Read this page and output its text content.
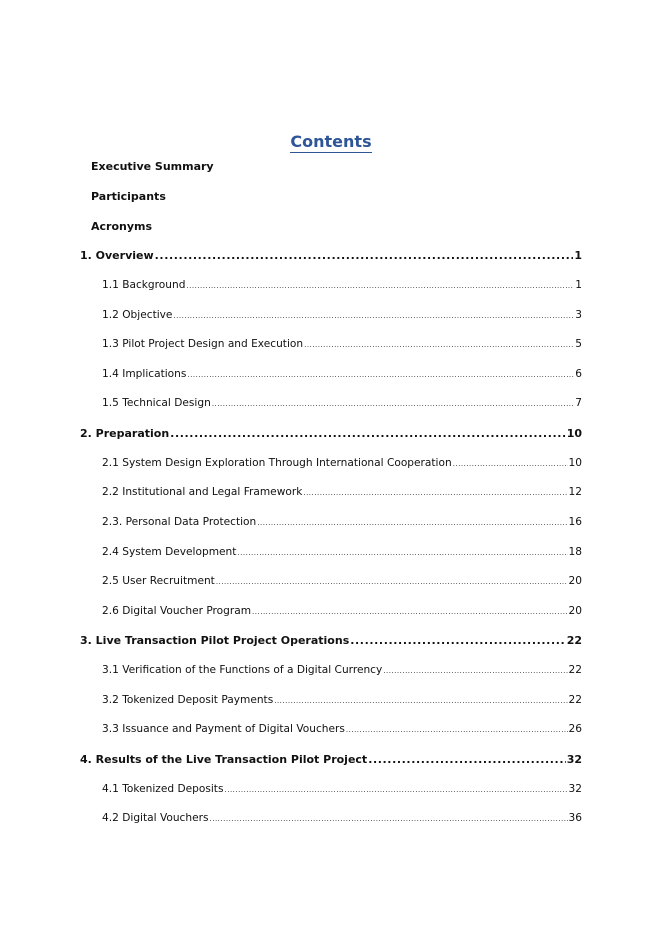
Contents
Executive Summary
Participants
Acronyms
1. Overview .....	1
1.1 Background .....	1
1.2 Objective .....	3
1.3 Pilot Project Design and Execution .....	5
1.4 Implications .....	6
1.5 Technical Design .....	7
2. Preparation .....	10
2.1 System Design Exploration Through International Cooperation .....	10
2.2 Institutional and Legal Framework .....	12
2.3. Personal Data Protection .....	16
2.4 System Development .....	18
2.5 User Recruitment .....	20
2.6 Digital Voucher Program .....	20
3. Live Transaction Pilot Project Operations .....	22
3.1 Verification of the Functions of a Digital Currency .....	22
3.2 Tokenized Deposit Payments .....	22
3.3 Issuance and Payment of Digital Vouchers .....	26
4. Results of the Live Transaction Pilot Project .....	32
4.1 Tokenized Deposits .....	32
4.2 Digital Vouchers .....	36
